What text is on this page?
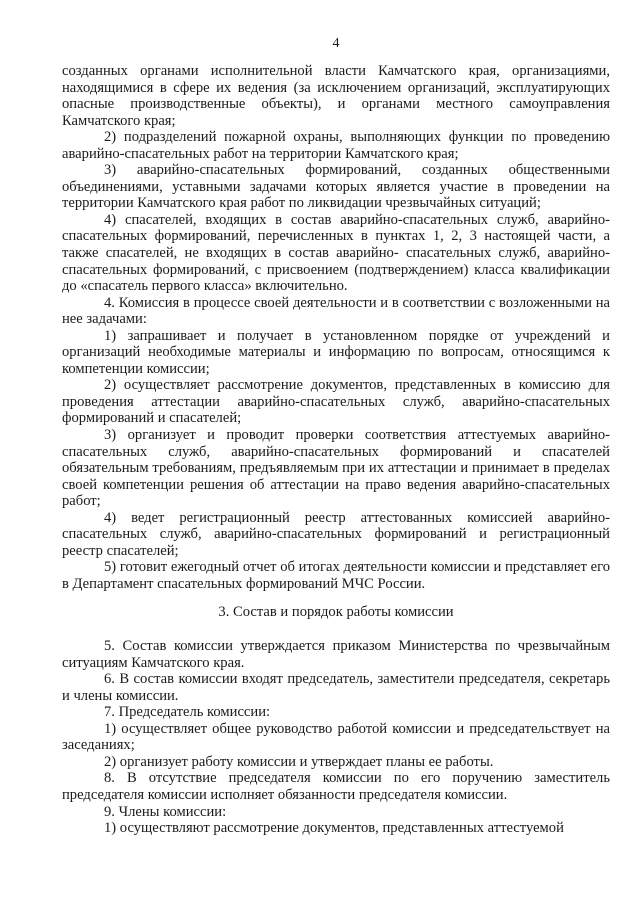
4

созданных органами исполнительной власти Камчатского края, организациями, находящимися в сфере их ведения (за исключением организаций, эксплуатирующих опасные производственные объекты), и органами местного самоуправления Камчатского края;

2) подразделений пожарной охраны, выполняющих функции по проведению аварийно-спасательных работ на территории Камчатского края;

3) аварийно-спасательных формирований, созданных общественными объединениями, уставными задачами которых является участие в проведении на территории Камчатского края работ по ликвидации чрезвычайных ситуаций;

4) спасателей, входящих в состав аварийно-спасательных служб, аварийно-спасательных формирований, перечисленных в пунктах 1, 2, 3 настоящей части, а также спасателей, не входящих в состав аварийно- спасательных служб, аварийно-спасательных формирований, с присвоением (подтверждением) класса квалификации до «спасатель первого класса» включительно.

4. Комиссия в процессе своей деятельности и в соответствии с возложенными на нее задачами:

1) запрашивает и получает в установленном порядке от учреждений и организаций необходимые материалы и информацию по вопросам, относящимся к компетенции комиссии;

2) осуществляет рассмотрение документов, представленных в комиссию для проведения аттестации аварийно-спасательных служб, аварийно-спасательных формирований и спасателей;

3) организует и проводит проверки соответствия аттестуемых аварийно-спасательных служб, аварийно-спасательных формирований и спасателей обязательным требованиям, предъявляемым при их аттестации и принимает в пределах своей компетенции решения об аттестации на право ведения аварийно-спасательных работ;

4) ведет регистрационный реестр аттестованных комиссией аварийно-спасательных служб, аварийно-спасательных формирований и регистрационный реестр спасателей;

5) готовит ежегодный отчет об итогах деятельности комиссии и представляет его в Департамент спасательных формирований МЧС России.

3. Состав и порядок работы комиссии

5. Состав комиссии утверждается приказом Министерства по чрезвычайным ситуациям Камчатского края.

6. В состав комиссии входят председатель, заместители председателя, секретарь и члены комиссии.

7. Председатель комиссии:

1) осуществляет общее руководство работой комиссии и председательствует на заседаниях;

2) организует работу комиссии и утверждает планы ее работы.

8. В отсутствие председателя комиссии по его поручению заместитель председателя комиссии исполняет обязанности председателя комиссии.

9. Члены комиссии:

1) осуществляют рассмотрение документов, представленных аттестуемой
